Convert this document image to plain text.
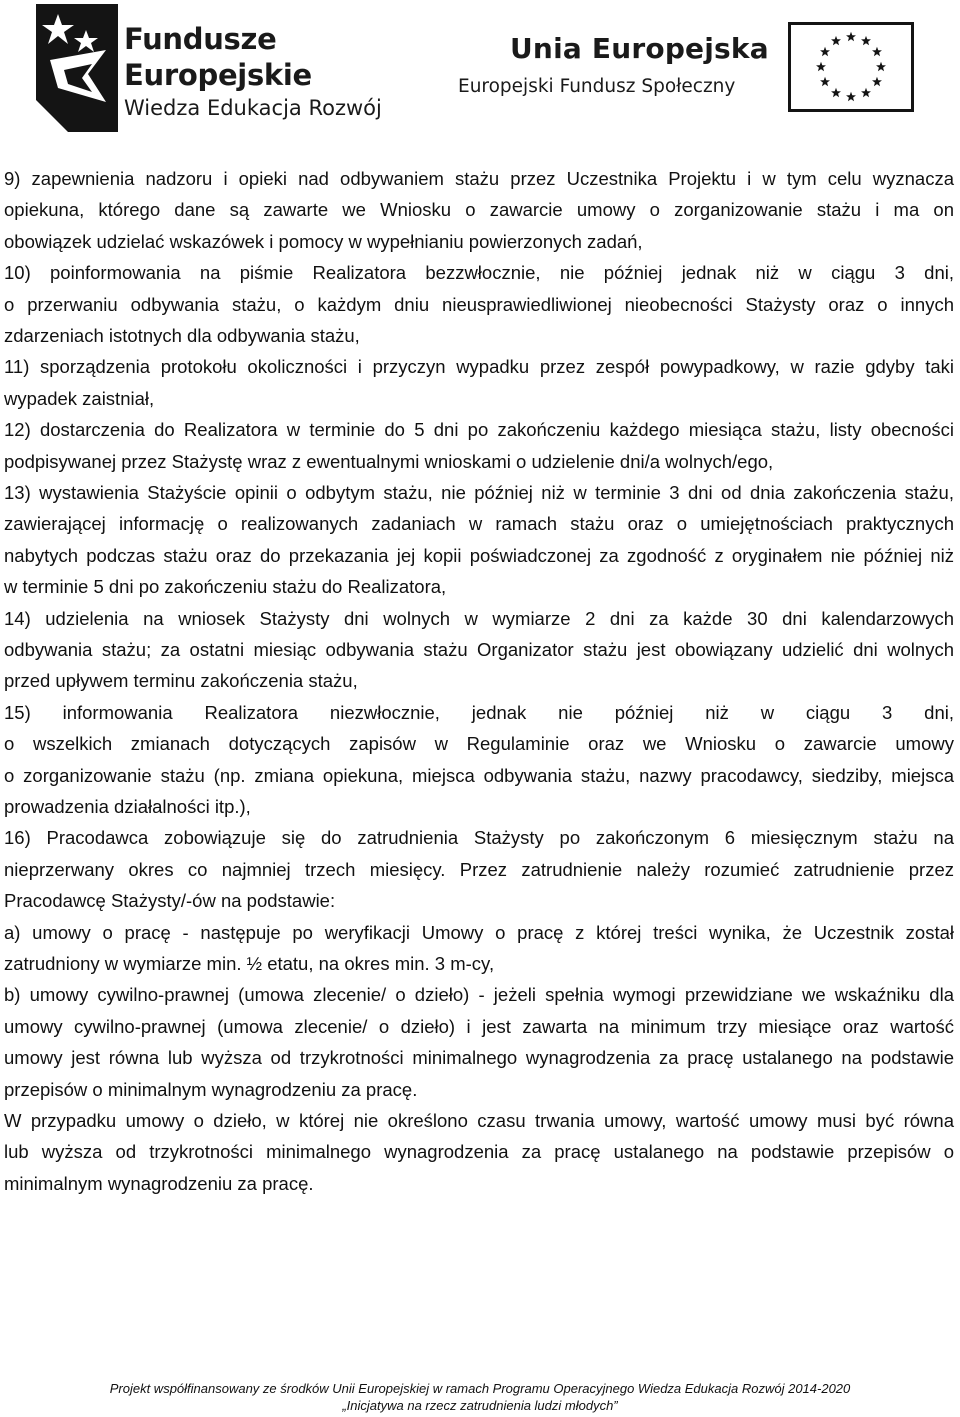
Fundusze
Europejskie
Wiedza Edukacja Rozwój
Unia Europejska
Europejski Fundusz Społeczny
9) zapewnienia nadzoru i opieki nad odbywaniem stażu przez Uczestnika Projektu i w tym celu wyznacza
opiekuna, którego dane są zawarte we Wniosku o zawarcie umowy o zorganizowanie stażu i ma on
obowiązek udzielać wskazówek i pomocy w wypełnianiu powierzonych zadań,
10) poinformowania na piśmie Realizatora bezzwłocznie, nie później jednak niż w ciągu 3 dni,
o przerwaniu odbywania stażu, o każdym dniu nieusprawiedliwionej nieobecności Stażysty oraz o innych
zdarzeniach istotnych dla odbywania stażu,
11) sporządzenia protokołu okoliczności i przyczyn wypadku przez zespół powypadkowy, w razie gdyby taki
wypadek zaistniał,
12) dostarczenia do Realizatora w terminie do 5 dni po zakończeniu każdego miesiąca stażu, listy obecności
podpisywanej przez Stażystę wraz z ewentualnymi wnioskami o udzielenie dni/a wolnych/ego,
13) wystawienia Stażyście opinii o odbytym stażu, nie później niż w terminie 3 dni od dnia zakończenia stażu,
zawierającej informację o realizowanych zadaniach w ramach stażu oraz o umiejętnościach praktycznych
nabytych podczas stażu oraz do przekazania jej kopii poświadczonej za zgodność z oryginałem nie później niż
w terminie 5 dni po zakończeniu stażu do Realizatora,
14) udzielenia na wniosek Stażysty dni wolnych w wymiarze 2 dni za każde 30 dni kalendarzowych
odbywania stażu; za ostatni miesiąc odbywania stażu Organizator stażu jest obowiązany udzielić dni wolnych
przed upływem terminu zakończenia stażu,
15) informowania Realizatora niezwłocznie, jednak nie później niż w ciągu 3 dni,
o wszelkich zmianach dotyczących zapisów w Regulaminie oraz we Wniosku o zawarcie umowy
o zorganizowanie stażu (np. zmiana opiekuna, miejsca odbywania stażu, nazwy pracodawcy, siedziby, miejsca
prowadzenia działalności itp.),
16) Pracodawca zobowiązuje się do zatrudnienia Stażysty po zakończonym 6 miesięcznym stażu na
nieprzerwany okres co najmniej trzech miesięcy. Przez zatrudnienie należy rozumieć zatrudnienie przez
Pracodawcę Stażysty/-ów na podstawie:
a) umowy o pracę - następuje po weryfikacji Umowy o pracę z której treści wynika, że Uczestnik został
zatrudniony w wymiarze min. ½ etatu, na okres min. 3 m-cy,
b) umowy cywilno-prawnej (umowa zlecenie/ o dzieło) - jeżeli spełnia wymogi przewidziane we wskaźniku dla
umowy cywilno-prawnej (umowa zlecenie/ o dzieło) i jest zawarta na minimum trzy miesiące oraz wartość
umowy jest równa lub wyższa od trzykrotności minimalnego wynagrodzenia za pracę ustalanego na podstawie
przepisów o minimalnym wynagrodzeniu za pracę.
W przypadku umowy o dzieło, w której nie określono czasu trwania umowy, wartość umowy musi być równa
lub wyższa od trzykrotności minimalnego wynagrodzenia za pracę ustalanego na podstawie przepisów o
minimalnym wynagrodzeniu za pracę.
Projekt współfinansowany ze środków Unii Europejskiej w ramach Programu Operacyjnego Wiedza Edukacja Rozwój 2014-2020
„Inicjatywa na rzecz zatrudnienia ludzi młodych”
